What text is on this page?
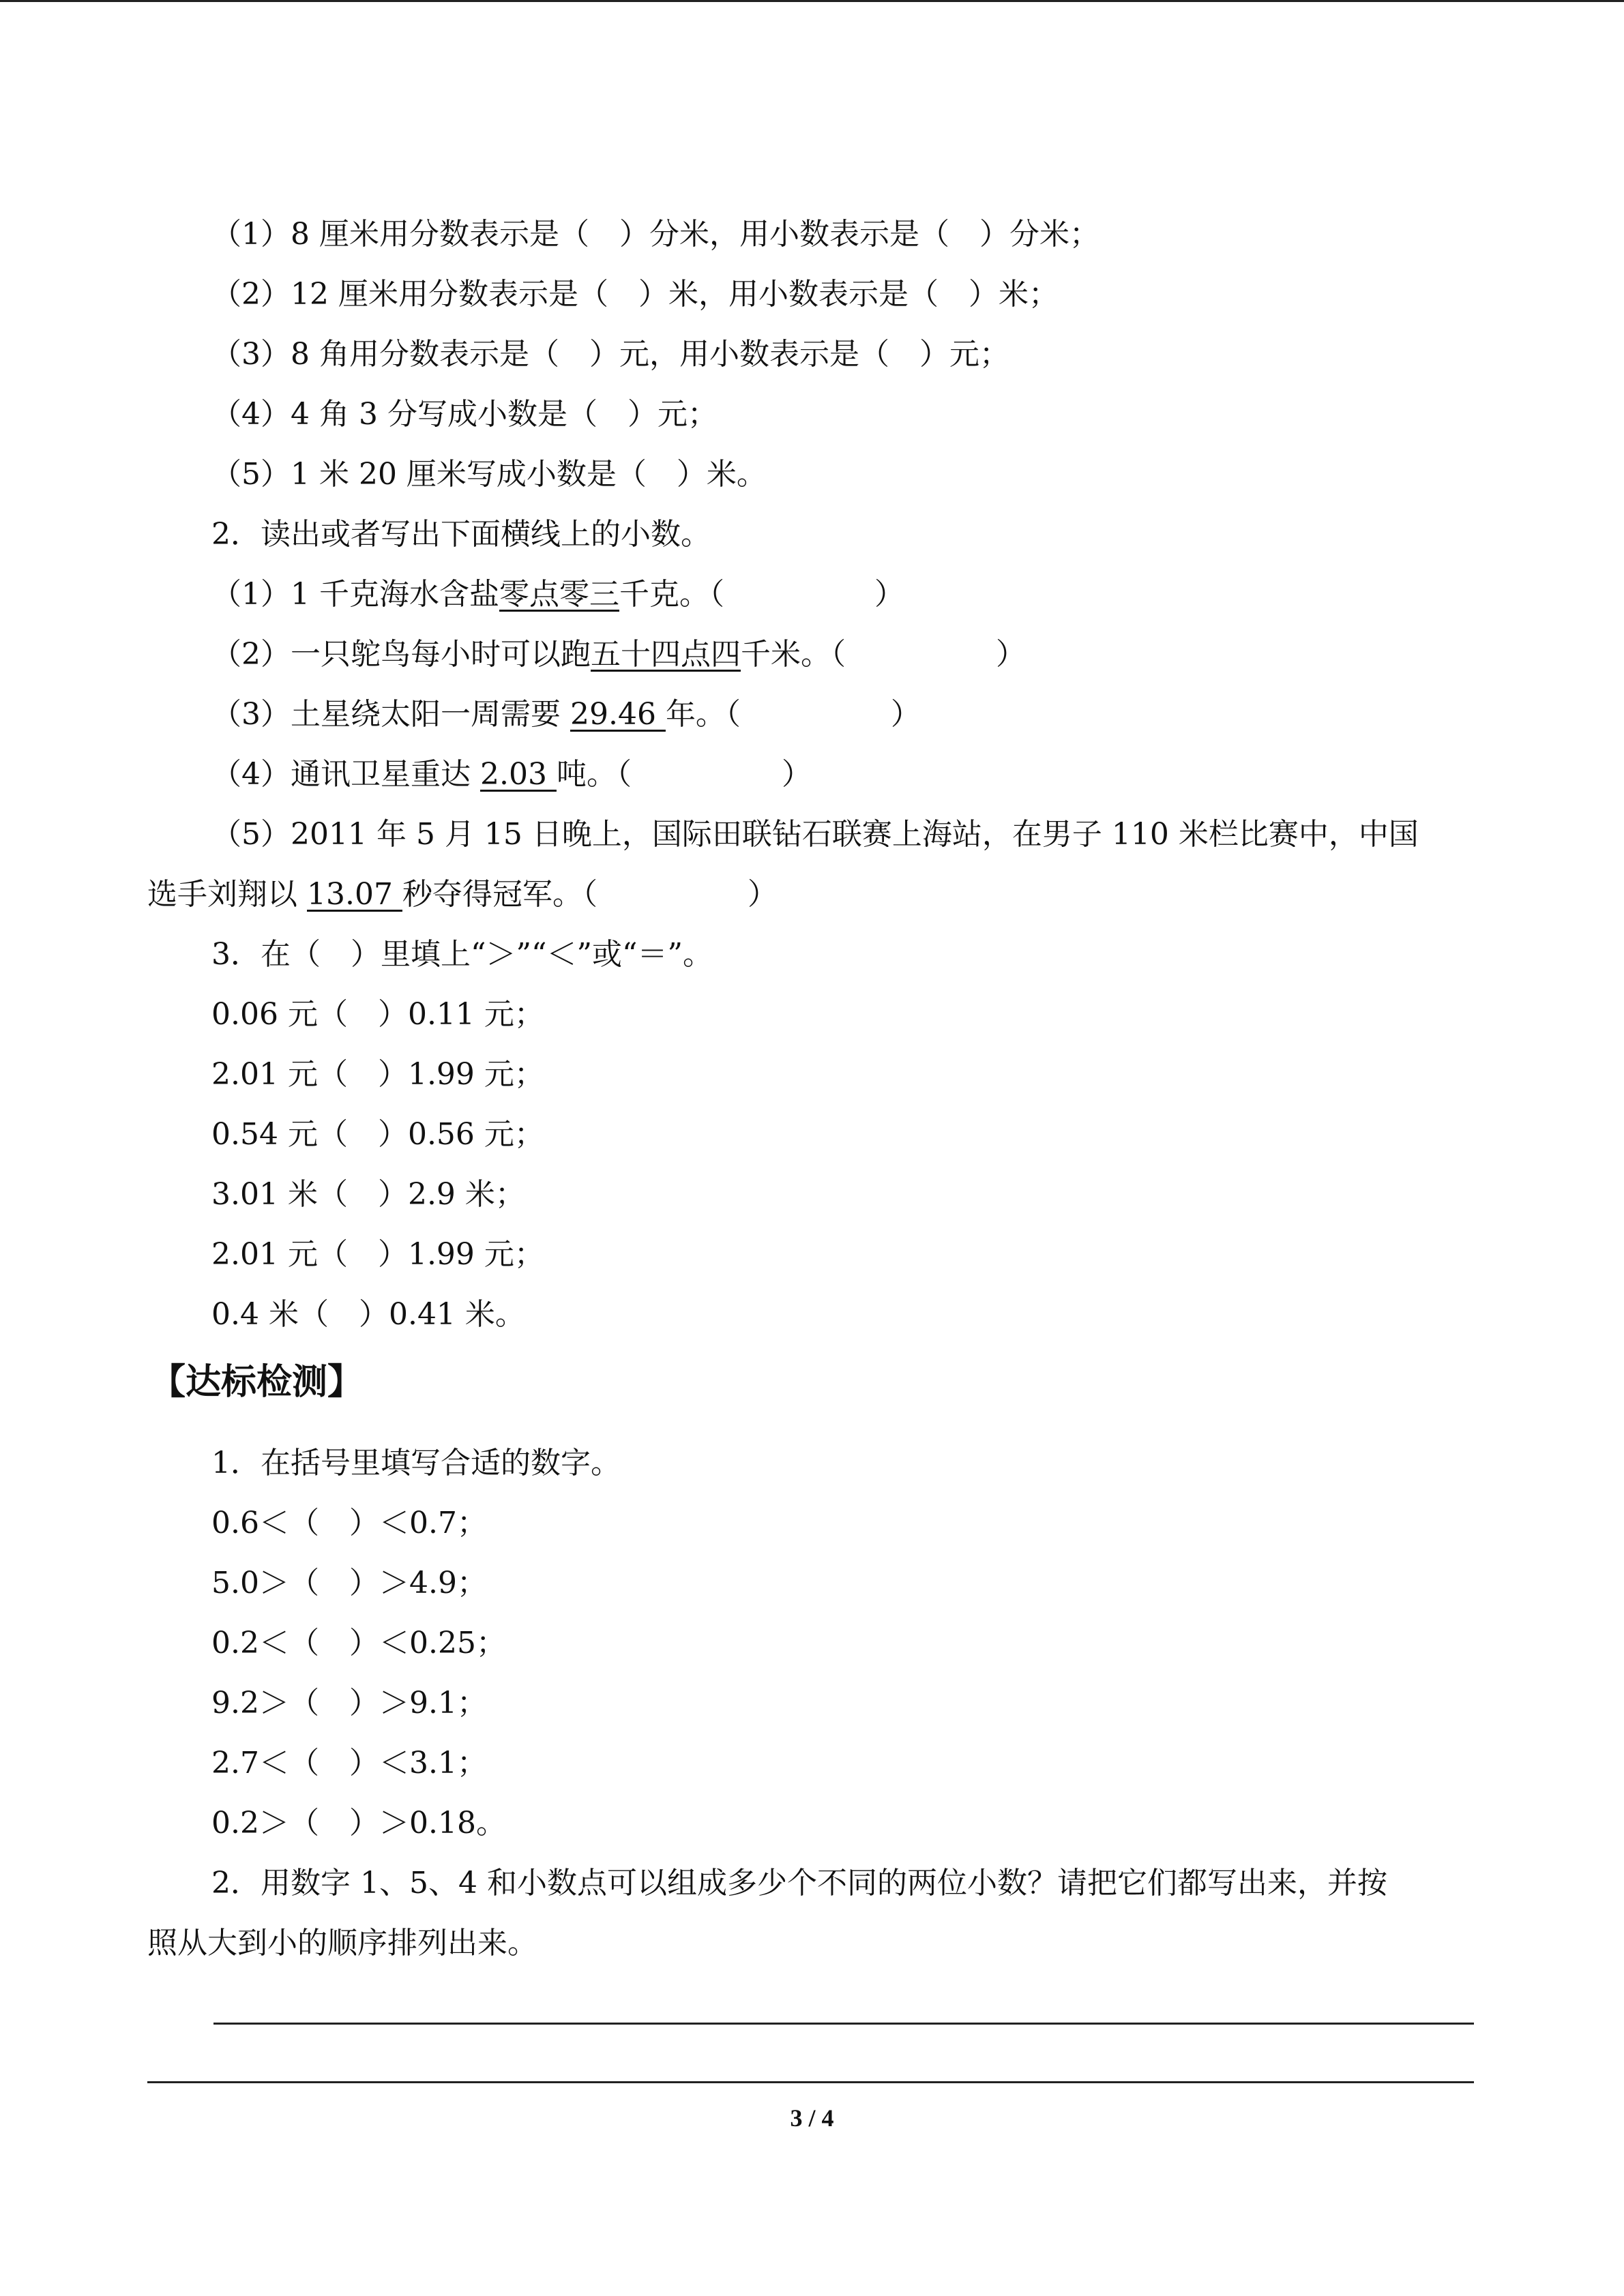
（1）8 厘米用分数表示是（　）分米，用小数表示是（　）分米；
（2）12 厘米用分数表示是（　）米，用小数表示是（　）米；
（3）8 角用分数表示是（　）元，用小数表示是（　）元；
（4）4 角 3 分写成小数是（　）元；
（5）1 米 20 厘米写成小数是（　）米。
2．读出或者写出下面横线上的小数。
（1）1 千克海水含盐零点零三千克。（　　　　　）
（2）一只鸵鸟每小时可以跑五十四点四千米。（　　　　　）
（3）土星绕太阳一周需要 29.46 年。（　　　　　）
（4）通讯卫星重达 2.03 吨。（　　　　　）
（5）2011 年 5 月 15 日晚上，国际田联钻石联赛上海站，在男子 110 米栏比赛中，中国
选手刘翔以 13.07 秒夺得冠军。（　　　　　）
3．在（　）里填上“＞”“＜”或“＝”。
0.06 元（　）0.11 元；
2.01 元（　）1.99 元；
0.54 元（　）0.56 元；
3.01 米（　）2.9 米；
2.01 元（　）1.99 元；
0.4 米（　）0.41 米。
【达标检测】
1．在括号里填写合适的数字。
0.6＜（　）＜0.7；
5.0＞（　）＞4.9；
0.2＜（　）＜0.25；
9.2＞（　）＞9.1；
2.7＜（　）＜3.1；
0.2＞（　）＞0.18。
2．用数字 1、5、4 和小数点可以组成多少个不同的两位小数？请把它们都写出来，并按
照从大到小的顺序排列出来。
3 / 4
